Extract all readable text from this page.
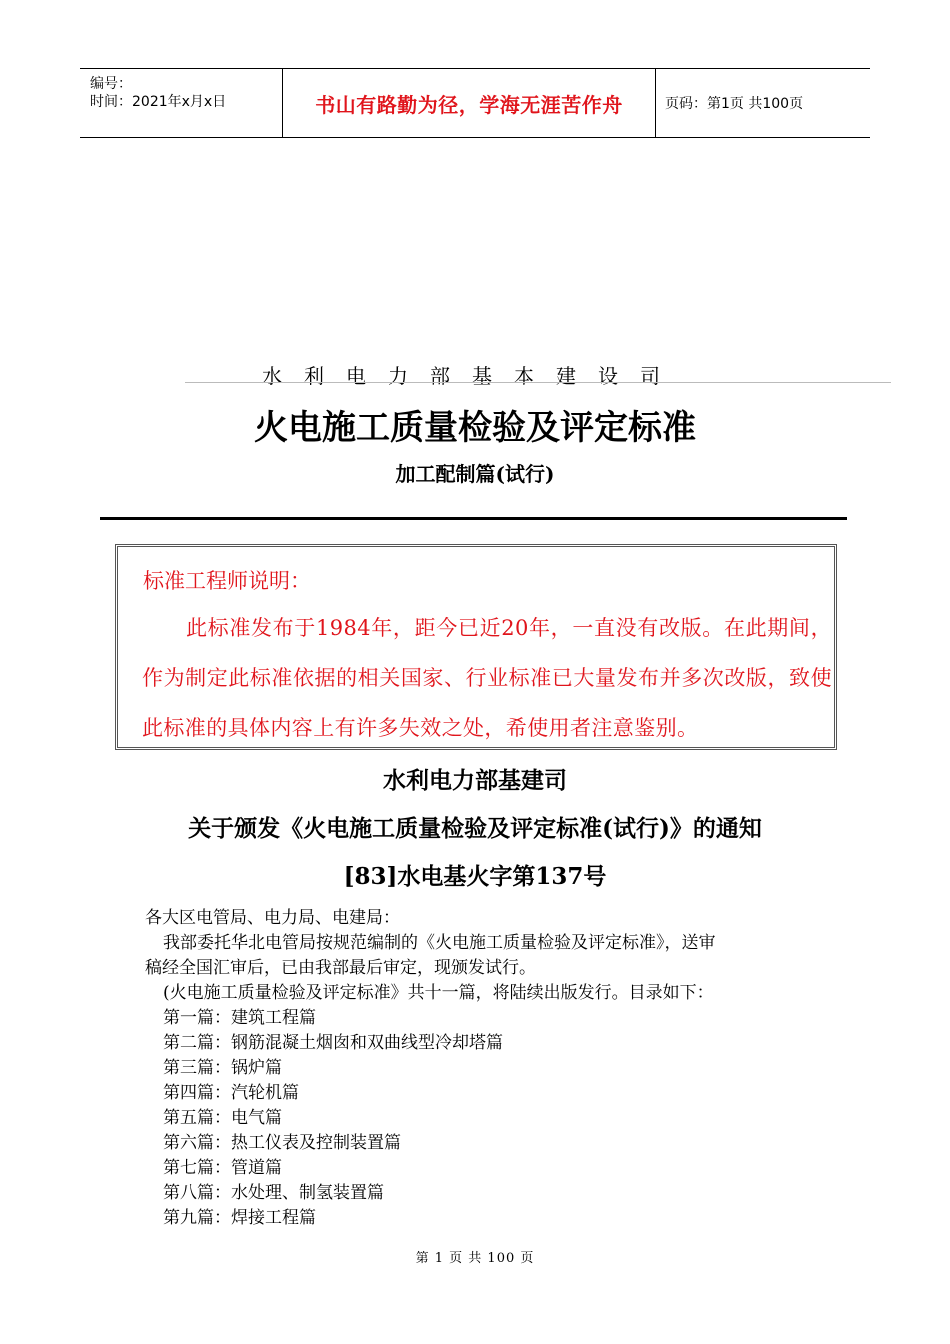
编号：
时间：2021年x月x日	书山有路勤为径，学海无涯苦作舟	页码：第1页 共100页
水利电力部基本建设司
火电施工质量检验及评定标准
加工配制篇(试行)
标准工程师说明：
此标准发布于1984年，距今已近20年，一直没有改版。在此期间，作为制定此标准依据的相关国家、行业标准已大量发布并多次改版，致使此标准的具体内容上有许多失效之处，希使用者注意鉴别。
水利电力部基建司
关于颁发《火电施工质量检验及评定标准(试行)》的通知
[83]水电基火字第137号
各大区电管局、电力局、电建局：
我部委托华北电管局按规范编制的《火电施工质量检验及评定标准》，送审
稿经全国汇审后，已由我部最后审定，现颁发试行。
(火电施工质量检验及评定标准》共十一篇，将陆续出版发行。目录如下：
第一篇：建筑工程篇
第二篇：钢筋混凝土烟囱和双曲线型冷却塔篇
第三篇：锅炉篇
第四篇：汽轮机篇
第五篇：电气篇
第六篇：热工仪表及控制装置篇
第七篇：管道篇
第八篇：水处理、制氢装置篇
第九篇：焊接工程篇
第 1 页 共 100 页
